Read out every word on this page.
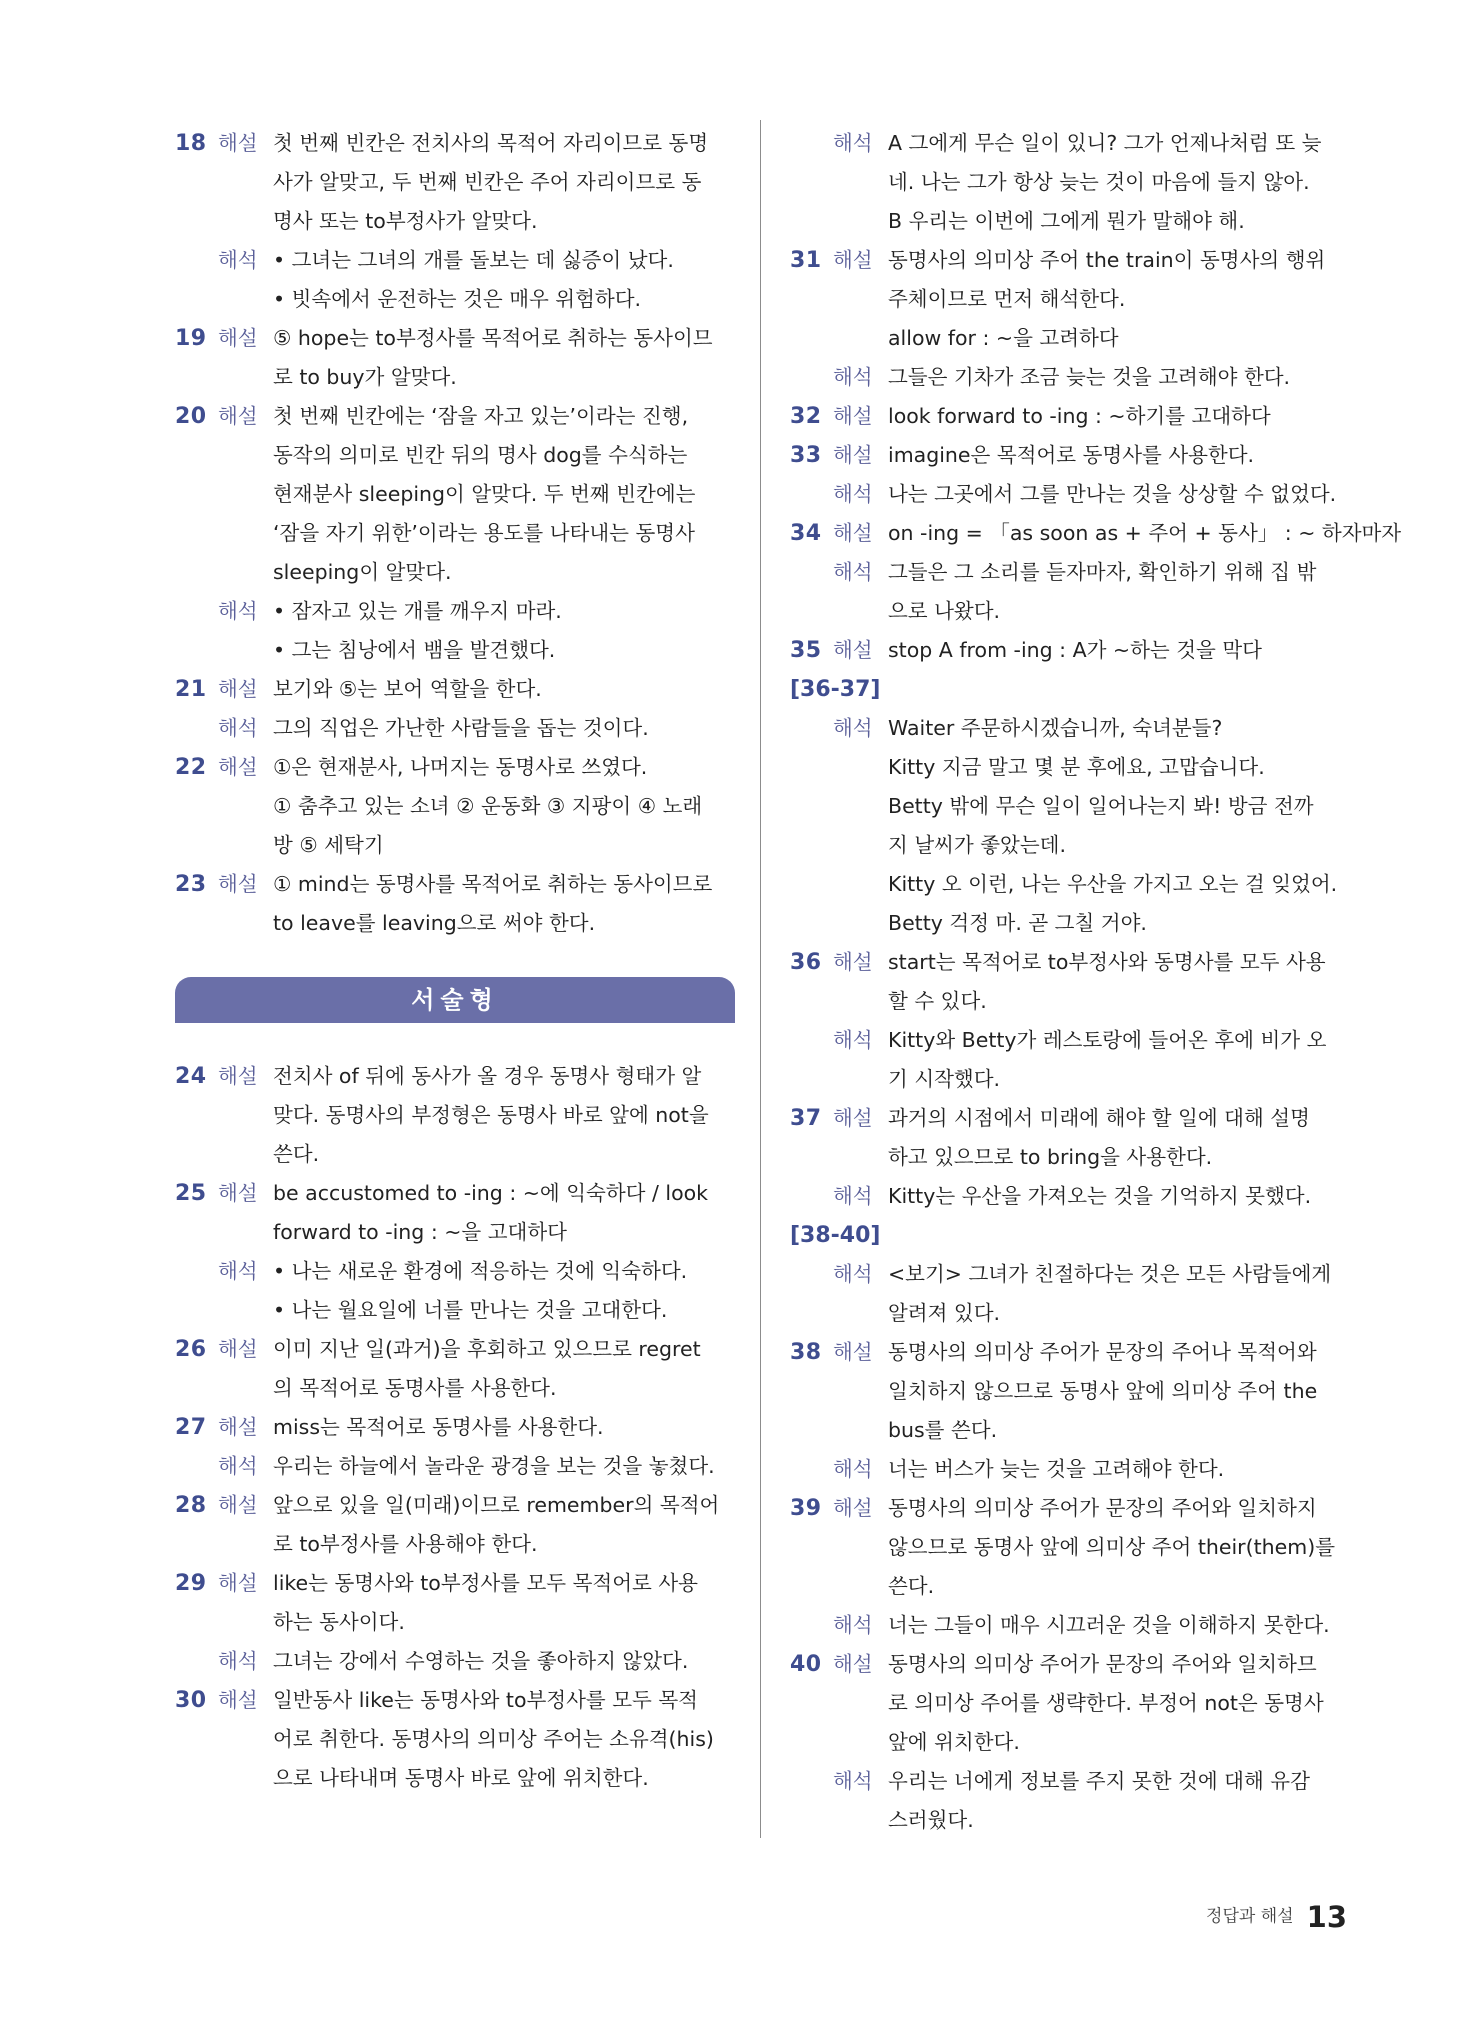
18 해설 첫 번째 빈칸은 전치사의 목적어 자리이므로 동명
사가 알맞고, 두 번째 빈칸은 주어 자리이므로 동
명사 또는 to부정사가 알맞다.
해석	• 그녀는 그녀의 개를 돌보는 데 싫증이 났다.
• 빗속에서 운전하는 것은 매우 위험하다.
19 해설 ⑤ hope는 to부정사를 목적어로 취하는 동사이므
로 to buy가 알맞다.
20 해설 첫 번째 빈칸에는 ‘잠을 자고 있는’이라는 진행,
동작의 의미로 빈칸 뒤의 명사 dog를 수식하는
현재분사 sleeping이 알맞다. 두 번째 빈칸에는
‘잠을 자기 위한’이라는 용도를 나타내는 동명사
sleeping이 알맞다.
해석	• 잠자고 있는 개를 깨우지 마라.
• 그는 침낭에서 뱀을 발견했다.
21 해설 보기와 ⑤는 보어 역할을 한다.
해석 그의 직업은 가난한 사람들을 돕는 것이다.
22 해설 ①은 현재분사, 나머지는 동명사로 쓰였다.
① 춤추고 있는 소녀 ② 운동화 ③ 지팡이 ④ 노래
방 ⑤ 세탁기
23 해설 ① mind는 동명사를 목적어로 취하는 동사이므로
to leave를 leaving으로 써야 한다.
서술형
24 해설 전치사 of 뒤에 동사가 올 경우 동명사 형태가 알
맞다. 동명사의 부정형은 동명사 바로 앞에 not을
쓴다.
25 해설 be accustomed to -ing : ~에 익숙하다 / look
forward to -ing : ~을 고대하다
해석	• 나는 새로운 환경에 적응하는 것에 익숙하다.
• 나는 월요일에 너를 만나는 것을 고대한다.
26 해설 이미 지난 일(과거)을 후회하고 있으므로 regret
의 목적어로 동명사를 사용한다.
27 해설 miss는 목적어로 동명사를 사용한다.
해석 우리는 하늘에서 놀라운 광경을 보는 것을 놓쳤다.
28 해설 앞으로 있을 일(미래)이므로 remember의 목적어
로 to부정사를 사용해야 한다.
29 해설 like는 동명사와 to부정사를 모두 목적어로 사용
하는 동사이다.
해석 그녀는 강에서 수영하는 것을 좋아하지 않았다.
30 해설 일반동사 like는 동명사와 to부정사를 모두 목적
어로 취한다. 동명사의 의미상 주어는 소유격(his)
으로 나타내며 동명사 바로 앞에 위치한다.
해석 A 그에게 무슨 일이 있니? 그가 언제나처럼 또 늦
네. 나는 그가 항상 늦는 것이 마음에 들지 않아.
B 우리는 이번에 그에게 뭔가 말해야 해.
31 해설 동명사의 의미상 주어 the train이 동명사의 행위
주체이므로 먼저 해석한다.
allow for : ~을 고려하다
해석 그들은 기차가 조금 늦는 것을 고려해야 한다.
32 해설 look forward to -ing : ~하기를 고대하다
33 해설 imagine은 목적어로 동명사를 사용한다.
해석 나는 그곳에서 그를 만나는 것을 상상할 수 없었다.
34 해설 on -ing = 「as soon as + 주어 + 동사」 : ~ 하자마자
해석 그들은 그 소리를 듣자마자, 확인하기 위해 집 밖
으로 나왔다.
35 해설 stop A from -ing : A가 ~하는 것을 막다
[36-37]
해석 Waiter 주문하시겠습니까, 숙녀분들?
Kitty 지금 말고 몇 분 후에요, 고맙습니다.
Betty 밖에 무슨 일이 일어나는지 봐! 방금 전까
지 날씨가 좋았는데.
Kitty 오 이런, 나는 우산을 가지고 오는 걸 잊었어.
Betty 걱정 마. 곧 그칠 거야.
36 해설 start는 목적어로 to부정사와 동명사를 모두 사용
할 수 있다.
해석 Kitty와 Betty가 레스토랑에 들어온 후에 비가 오
기 시작했다.
37 해설 과거의 시점에서 미래에 해야 할 일에 대해 설명
하고 있으므로 to bring을 사용한다.
해석 Kitty는 우산을 가져오는 것을 기억하지 못했다.
[38-40]
해석 <보기> 그녀가 친절하다는 것은 모든 사람들에게
알려져 있다.
38 해설 동명사의 의미상 주어가 문장의 주어나 목적어와
일치하지 않으므로 동명사 앞에 의미상 주어 the
bus를 쓴다.
해석 너는 버스가 늦는 것을 고려해야 한다.
39 해설 동명사의 의미상 주어가 문장의 주어와 일치하지
않으므로 동명사 앞에 의미상 주어 their(them)를
쓴다.
해석 너는 그들이 매우 시끄러운 것을 이해하지 못한다.
40 해설 동명사의 의미상 주어가 문장의 주어와 일치하므
로 의미상 주어를 생략한다. 부정어 not은 동명사
앞에 위치한다.
해석 우리는 너에게 정보를 주지 못한 것에 대해 유감
스러웠다.
정답과 해설 13
